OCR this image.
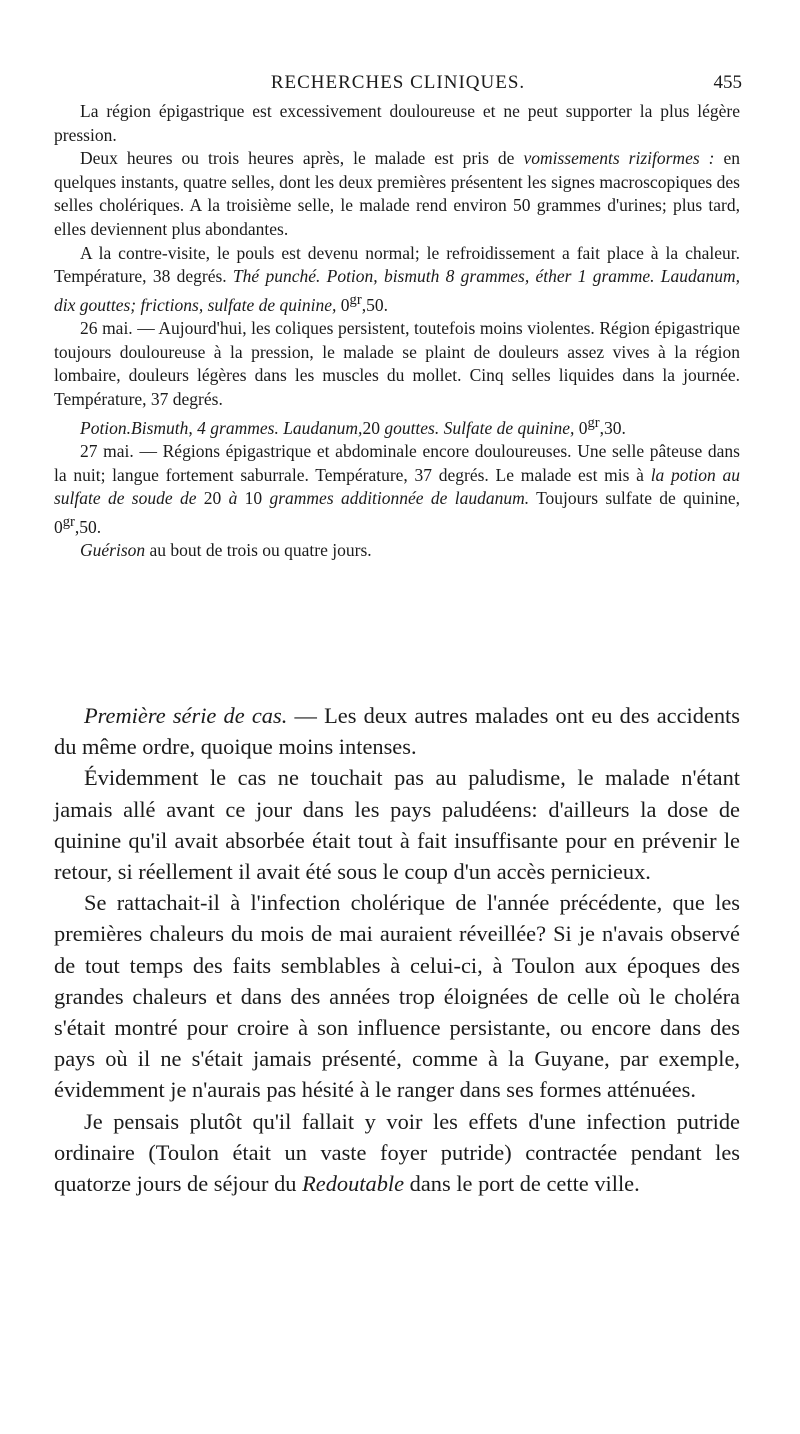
RECHERCHES CLINIQUES.	455

La région épigastrique est excessivement douloureuse et ne peut supporter la plus légère pression.

Deux heures ou trois heures après, le malade est pris de vomissements riziformes : en quelques instants, quatre selles, dont les deux premières présentent les signes macroscopiques des selles cholériques. A la troisième selle, le malade rend environ 50 grammes d'urines; plus tard, elles deviennent plus abondantes.

A la contre-visite, le pouls est devenu normal; le refroidissement a fait place à la chaleur. Température, 38 degrés. Thé punché. Potion, bismuth 8 grammes, éther 1 gramme. Laudanum, dix gouttes; frictions, sulfate de quinine, $0^{gr},50$.

26 mai. — Aujourd'hui, les coliques persistent, toutefois moins violentes. Région épigastrique toujours douloureuse à la pression, le malade se plaint de douleurs assez vives à la région lombaire, douleurs légères dans les muscles du mollet. Cinq selles liquides dans la journée. Température, 37 degrés.

Potion.Bismuth, 4 grammes. Laudanum,20 gouttes. Sulfate de quinine, $0^{gr},30$.

27 mai. — Régions épigastrique et abdominale encore douloureuses. Une selle pâteuse dans la nuit; langue fortement saburrale. Température, 37 degrés. Le malade est mis à la potion au sulfate de soude de 20 à 10 grammes additionnée de laudanum. Toujours sulfate de quinine, $0^{gr},50$.

Guérison au bout de trois ou quatre jours.

Première série de cas. — Les deux autres malades ont eu des accidents du même ordre, quoique moins intenses.

Évidemment le cas ne touchait pas au paludisme, le malade n'étant jamais allé avant ce jour dans les pays paludéens: d'ailleurs la dose de quinine qu'il avait absorbée était tout à fait insuffisante pour en prévenir le retour, si réellement il avait été sous le coup d'un accès pernicieux.

Se rattachait-il à l'infection cholérique de l'année précédente, que les premières chaleurs du mois de mai auraient réveillée? Si je n'avais observé de tout temps des faits semblables à celui-ci, à Toulon aux époques des grandes chaleurs et dans des années trop éloignées de celle où le choléra s'était montré pour croire à son influence persistante, ou encore dans des pays où il ne s'était jamais présenté, comme à la Guyane, par exemple, évidemment je n'aurais pas hésité à le ranger dans ses formes atténuées.

Je pensais plutôt qu'il fallait y voir les effets d'une infection putride ordinaire (Toulon était un vaste foyer putride) contractée pendant les quatorze jours de séjour du Redoutable dans le port de cette ville.
